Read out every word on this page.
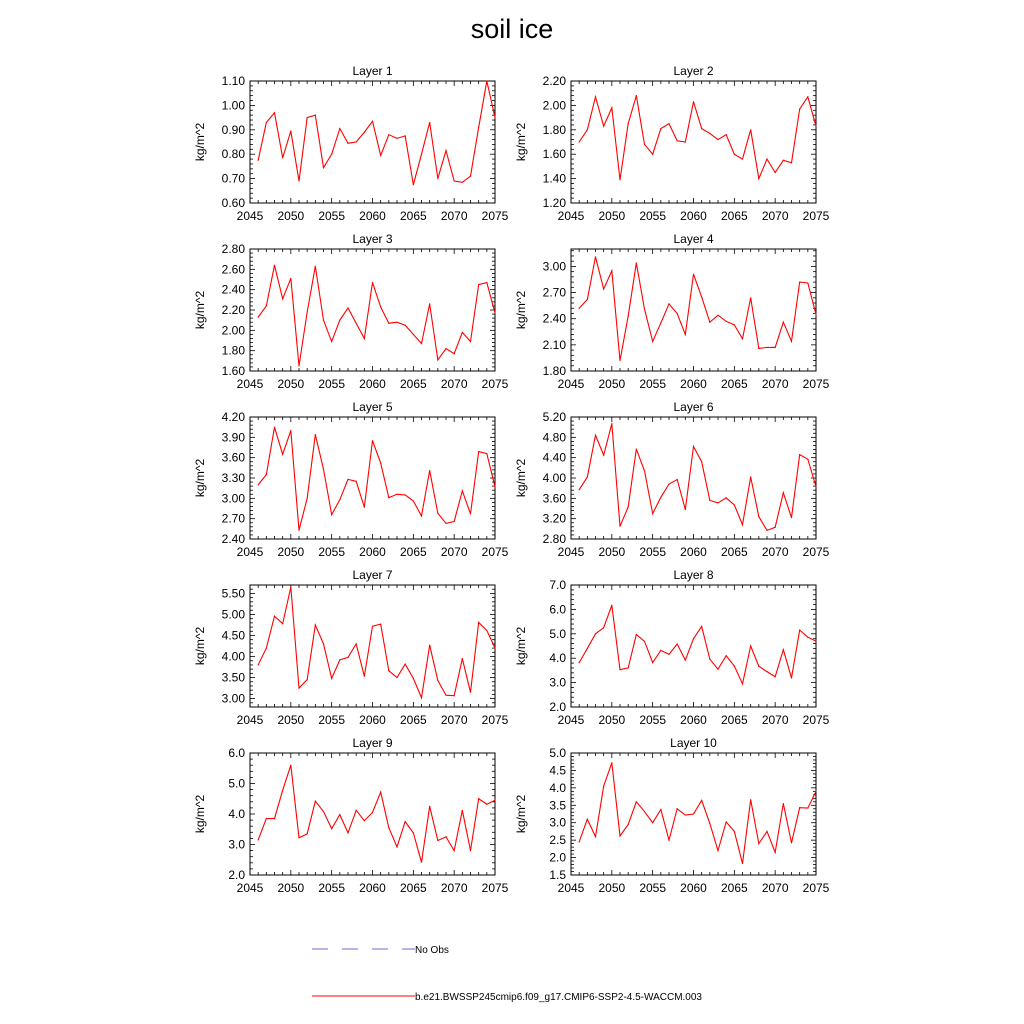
soil ice
Layer 1
kg/m^2
2045 2050 2055 2060 2065 2070 2075
0.60
0.70
0.80
0.90
1.00
1.10
Layer 2
kg/m^2
2045 2050 2055 2060 2065 2070 2075
1.20
1.40
1.60
1.80
2.00
2.20
Layer 3
kg/m^2
2045 2050 2055 2060 2065 2070 2075
1.60
1.80
2.00
2.20
2.40
2.60
2.80
Layer 4
kg/m^2
2045 2050 2055 2060 2065 2070 2075
1.80
2.10
2.40
2.70
3.00
Layer 5
kg/m^2
2045 2050 2055 2060 2065 2070 2075
2.40
2.70
3.00
3.30
3.60
3.90
4.20
Layer 6
kg/m^2
2045 2050 2055 2060 2065 2070 2075
2.80
3.20
3.60
4.00
4.40
4.80
5.20
Layer 7
kg/m^2
2045 2050 2055 2060 2065 2070 2075
3.00
3.50
4.00
4.50
5.00
5.50
Layer 8
kg/m^2
2045 2050 2055 2060 2065 2070 2075
2.0
3.0
4.0
5.0
6.0
7.0
Layer 9
kg/m^2
2045 2050 2055 2060 2065 2070 2075
2.0
3.0
4.0
5.0
6.0
Layer 10
kg/m^2
2045 2050 2055 2060 2065 2070 2075
1.5
2.0
2.5
3.0
3.5
4.0
4.5
5.0
No Obs
b.e21.BWSSP245cmip6.f09_g17.CMIP6-SSP2-4.5-WACCM.003
